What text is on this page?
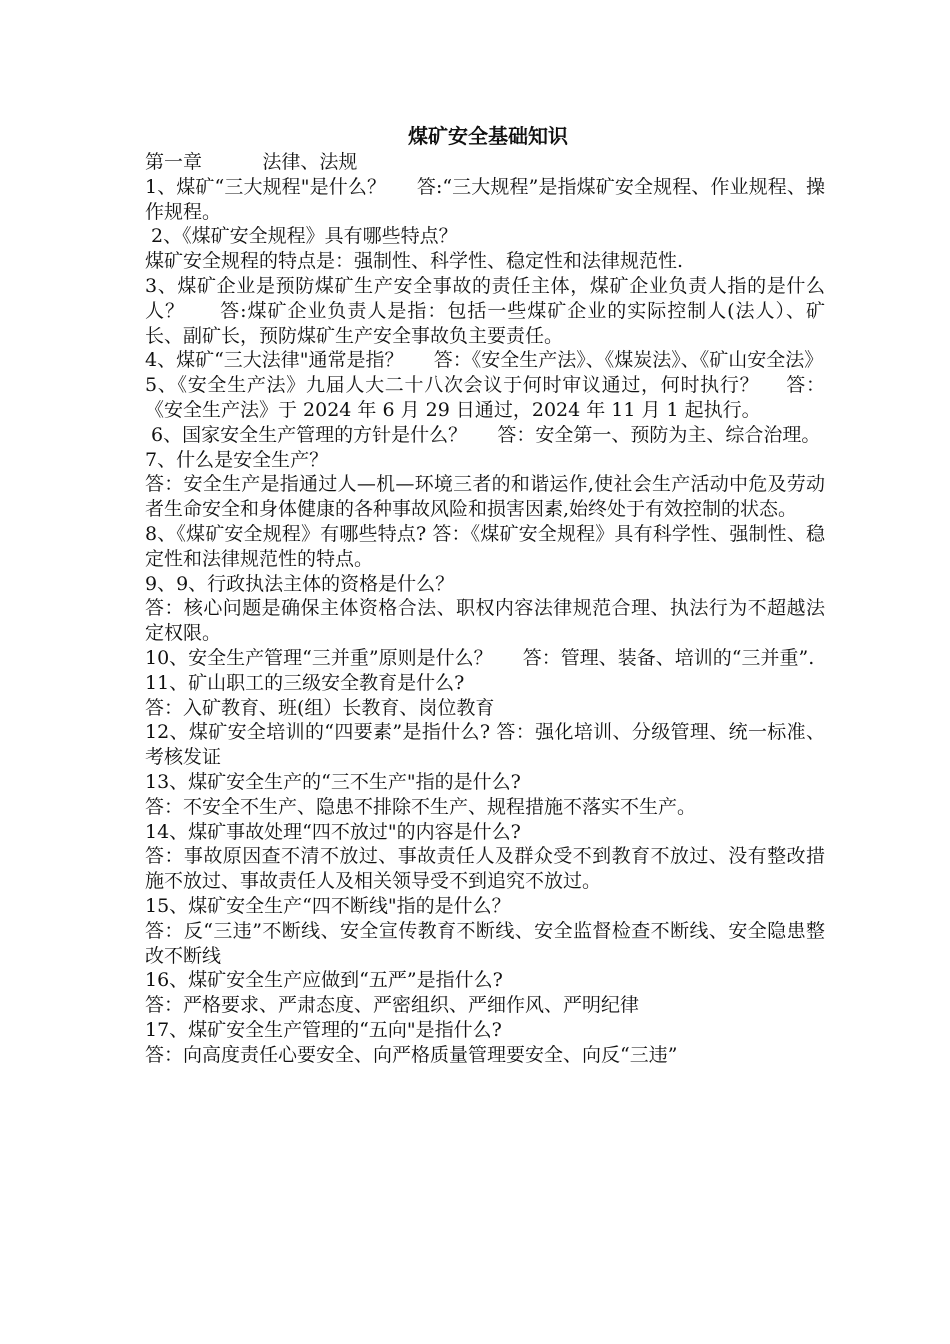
煤矿安全基础知识

第一章          法律、法规

1、煤矿“三大规程"是什么？     答:“三大规程”是指煤矿安全规程、作业规程、操作规程。

2、《煤矿安全规程》具有哪些特点？

煤矿安全规程的特点是：强制性、科学性、稳定性和法律规范性.

3、煤矿企业是预防煤矿生产安全事故的责任主体，煤矿企业负责人指的是什么人？     答:煤矿企业负责人是指：包括一些煤矿企业的实际控制人(法人）、矿长、副矿长，预防煤矿生产安全事故负主要责任。

4、煤矿“三大法律"通常是指？     答：《安全生产法》、《煤炭法》、《矿山安全法》

5、《安全生产法》九届人大二十八次会议于何时审议通过，何时执行？    答：《安全生产法》于 2024 年 6 月 29 日通过，2024 年 11 月 1 起执行。

6、国家安全生产管理的方针是什么？     答：安全第一、预防为主、综合治理。

7、什么是安全生产？

答：安全生产是指通过人—机—环境三者的和谐运作,使社会生产活动中危及劳动者生命安全和身体健康的各种事故风险和损害因素,始终处于有效控制的状态。

8、《煤矿安全规程》有哪些特点? 答：《煤矿安全规程》具有科学性、强制性、稳定性和法律规范性的特点。

9、9、行政执法主体的资格是什么？

答：核心问题是确保主体资格合法、职权内容法律规范合理、执法行为不超越法定权限。

10、安全生产管理“三并重”原则是什么？     答：管理、装备、培训的“三并重”.

11、矿山职工的三级安全教育是什么?

答：入矿教育、班(组）长教育、岗位教育

12、煤矿安全培训的“四要素”是指什么? 答：强化培训、分级管理、统一标准、考核发证

13、煤矿安全生产的“三不生产"指的是什么?

答：不安全不生产、隐患不排除不生产、规程措施不落实不生产。

14、煤矿事故处理“四不放过"的内容是什么?

答：事故原因查不清不放过、事故责任人及群众受不到教育不放过、没有整改措施不放过、事故责任人及相关领导受不到追究不放过。

15、煤矿安全生产“四不断线"指的是什么？

答：反“三违”不断线、安全宣传教育不断线、安全监督检查不断线、安全隐患整改不断线

16、煤矿安全生产应做到“五严”是指什么?

答：严格要求、严肃态度、严密组织、严细作风、严明纪律

17、煤矿安全生产管理的“五向"是指什么?

答：向高度责任心要安全、向严格质量管理要安全、向反“三违”
